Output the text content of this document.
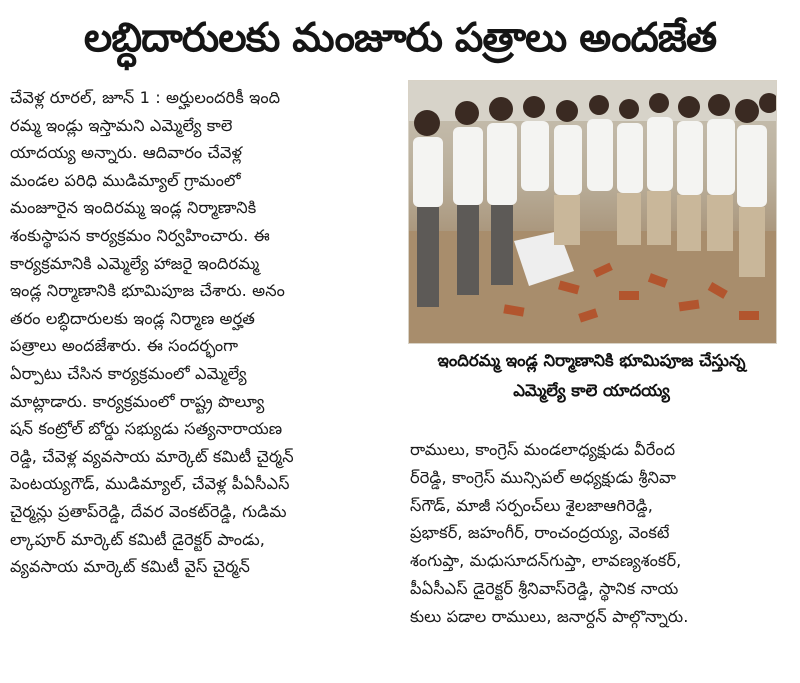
లబ్ధిదారులకు మంజూరు పత్రాలు అందజేత
చేవెళ్ల రూరల్, జూన్ 1 : అర్హులందరికీ ఇంది
రమ్మ ఇండ్లు ఇస్తామని ఎమ్మెల్యే కాలె
యాదయ్య అన్నారు. ఆదివారం చేవెళ్ల
మండల పరిధి ముడిమ్యాల్ గ్రామంలో
మంజూరైన ఇందిరమ్మ ఇండ్ల నిర్మాణానికి
శంకుస్థాపన కార్యక్రమం నిర్వహించారు. ఈ
కార్యక్రమానికి ఎమ్మెల్యే హాజరై ఇందిరమ్మ
ఇండ్ల నిర్మాణానికి భూమిపూజ చేశారు. అనం
తరం లబ్ధిదారులకు ఇండ్ల నిర్మాణ అర్హత
పత్రాలు అందజేశారు. ఈ సందర్భంగా
ఏర్పాటు చేసిన కార్యక్రమంలో ఎమ్మెల్యే
మాట్లాడారు. కార్యక్రమంలో రాష్ట్ర పొల్యూ
షన్ కంట్రోల్ బోర్డు సభ్యుడు సత్యనారాయణ
రెడ్డి, చేవెళ్ల వ్యవసాయ మార్కెట్ కమిటీ చైర్మన్
పెంటయ్యగౌడ్, ముడిమ్యాల్, చేవెళ్ల పీఏసీఎస్
చైర్మన్లు ప్రతాప్‌రెడ్డి, దేవర వెంకట్‌రెడ్డి, గుడిమ
ల్కాపూర్ మార్కెట్ కమిటీ డైరెక్టర్ పాండు,
వ్యవసాయ మార్కెట్ కమిటీ వైస్ చైర్మన్
ఇందిరమ్మ ఇండ్ల నిర్మాణానికి భూమిపూజ చేస్తున్న
ఎమ్మెల్యే కాలె యాదయ్య
రాములు, కాంగ్రెస్ మండలాధ్యక్షుడు వీరేంద
ర్‌రెడ్డి, కాంగ్రెస్ మున్సిపల్ అధ్యక్షుడు శ్రీనివా
స్‌గౌడ్, మాజీ సర్పంచ్‌లు శైలజాఆగిరెడ్డి,
ప్రభాకర్, జహంగీర్, రాంచంద్రయ్య, వెంకటే
శంగుప్తా, మధుసూదన్‌గుప్తా, లావణ్యశంకర్,
పీఏసీఎస్ డైరెక్టర్ శ్రీనివాస్‌రెడ్డి, స్థానిక నాయ
కులు పడాల రాములు, జనార్దన్ పాల్గొన్నారు.
